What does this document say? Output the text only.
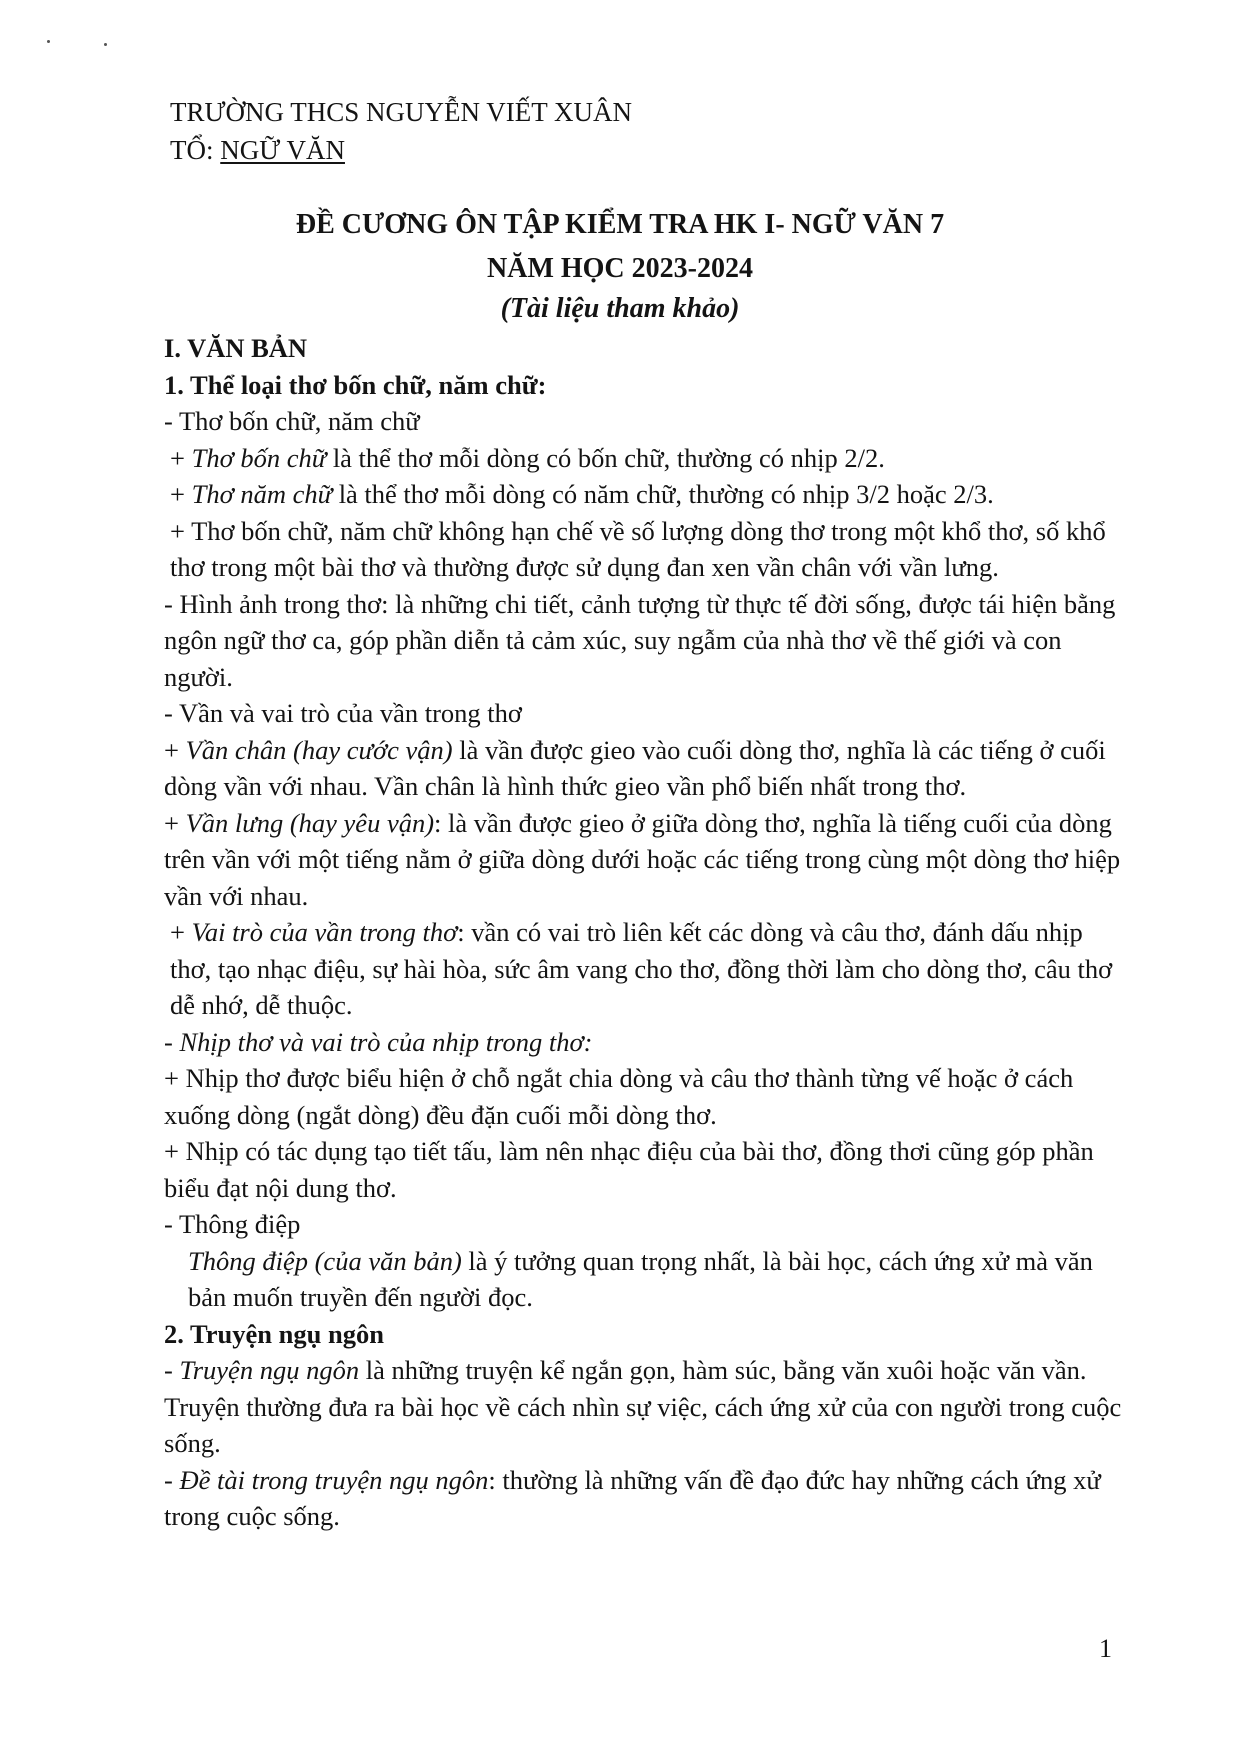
TRƯỜNG THCS NGUYỄN VIẾT XUÂN
TỔ: NGỮ VĂN
ĐỀ CƯƠNG ÔN TẬP KIỂM TRA HK I- NGỮ VĂN 7
NĂM HỌC 2023-2024
(Tài liệu tham khảo)

I. VĂN BẢN

1. Thể loại thơ bốn chữ, năm chữ:

- Thơ bốn chữ, năm chữ

+ Thơ bốn chữ là thể thơ mỗi dòng có bốn chữ, thường có nhịp 2/2.

+ Thơ năm chữ là thể thơ mỗi dòng có năm chữ, thường có nhịp 3/2 hoặc 2/3.

+ Thơ bốn chữ, năm chữ không hạn chế về số lượng dòng thơ trong một khổ thơ, số khổ thơ trong một bài thơ và thường được sử dụng đan xen vần chân với vần lưng.

- Hình ảnh trong thơ: là những chi tiết, cảnh tượng từ thực tế đời sống, được tái hiện bằng ngôn ngữ thơ ca, góp phần diễn tả cảm xúc, suy ngẫm của nhà thơ về thế giới và con người.

- Vần và vai trò của vần trong thơ

+ Vần chân (hay cước vận) là vần được gieo vào cuối dòng thơ, nghĩa là các tiếng ở cuối dòng vần với nhau. Vần chân là hình thức gieo vần phổ biến nhất trong thơ.

+ Vần lưng (hay yêu vận): là vần được gieo ở giữa dòng thơ, nghĩa là tiếng cuối của dòng trên vần với một tiếng nằm ở giữa dòng dưới hoặc các tiếng trong cùng một dòng thơ hiệp vần với nhau.

+ Vai trò của vần trong thơ: vần có vai trò liên kết các dòng và câu thơ, đánh dấu nhịp thơ, tạo nhạc điệu, sự hài hòa, sức âm vang cho thơ, đồng thời làm cho dòng thơ, câu thơ dễ nhớ, dễ thuộc.

- Nhịp thơ và vai trò của nhịp trong thơ:

+ Nhịp thơ được biểu hiện ở chỗ ngắt chia dòng và câu thơ thành từng vế hoặc ở cách xuống dòng (ngắt dòng) đều đặn cuối mỗi dòng thơ.

+ Nhịp có tác dụng tạo tiết tấu, làm nên nhạc điệu của bài thơ, đồng thơi cũng góp phần biểu đạt nội dung thơ.

- Thông điệp

Thông điệp (của văn bản) là ý tưởng quan trọng nhất, là bài học, cách ứng xử mà văn bản muốn truyền đến người đọc.

2. Truyện ngụ ngôn

- Truyện ngụ ngôn là những truyện kể ngắn gọn, hàm súc, bằng văn xuôi hoặc văn vần. Truyện thường đưa ra bài học về cách nhìn sự việc, cách ứng xử của con người trong cuộc sống.

- Đề tài trong truyện ngụ ngôn: thường là những vấn đề đạo đức hay những cách ứng xử trong cuộc sống.

1
